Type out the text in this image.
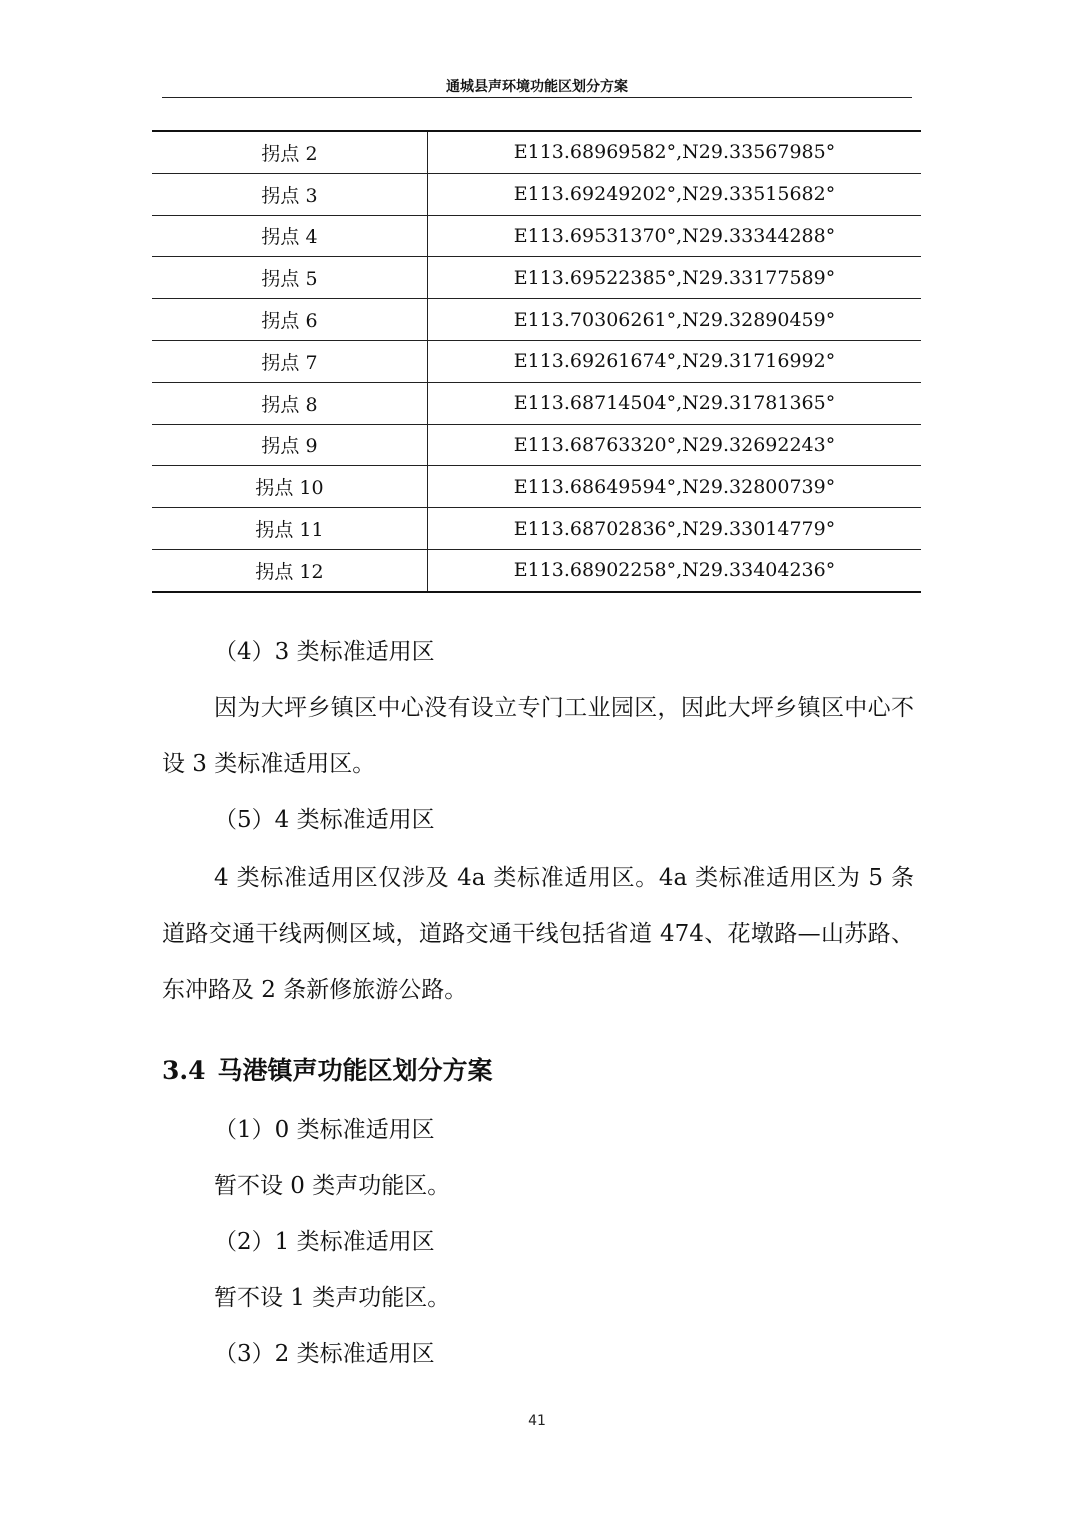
通城县声环境功能区划分方案
拐点 2	E113.68969582°,N29.33567985°
拐点 3	E113.69249202°,N29.33515682°
拐点 4	E113.69531370°,N29.33344288°
拐点 5	E113.69522385°,N29.33177589°
拐点 6	E113.70306261°,N29.32890459°
拐点 7	E113.69261674°,N29.31716992°
拐点 8	E113.68714504°,N29.31781365°
拐点 9	E113.68763320°,N29.32692243°
拐点 10	E113.68649594°,N29.32800739°
拐点 11	E113.68702836°,N29.33014779°
拐点 12	E113.68902258°,N29.33404236°

（4）3 类标准适用区

因为大坪乡镇区中心没有设立专门工业园区，因此大坪乡镇区中心不设 3 类标准适用区。

（5）4 类标准适用区

4 类标准适用区仅涉及 4a 类标准适用区。4a 类标准适用区为 5 条道路交通干线两侧区域，道路交通干线包括省道 474、花墩路—山苏路、东冲路及 2 条新修旅游公路。

3.4 马港镇声功能区划分方案

（1）0 类标准适用区

暂不设 0 类声功能区。

（2）1 类标准适用区

暂不设 1 类声功能区。

（3）2 类标准适用区

41
